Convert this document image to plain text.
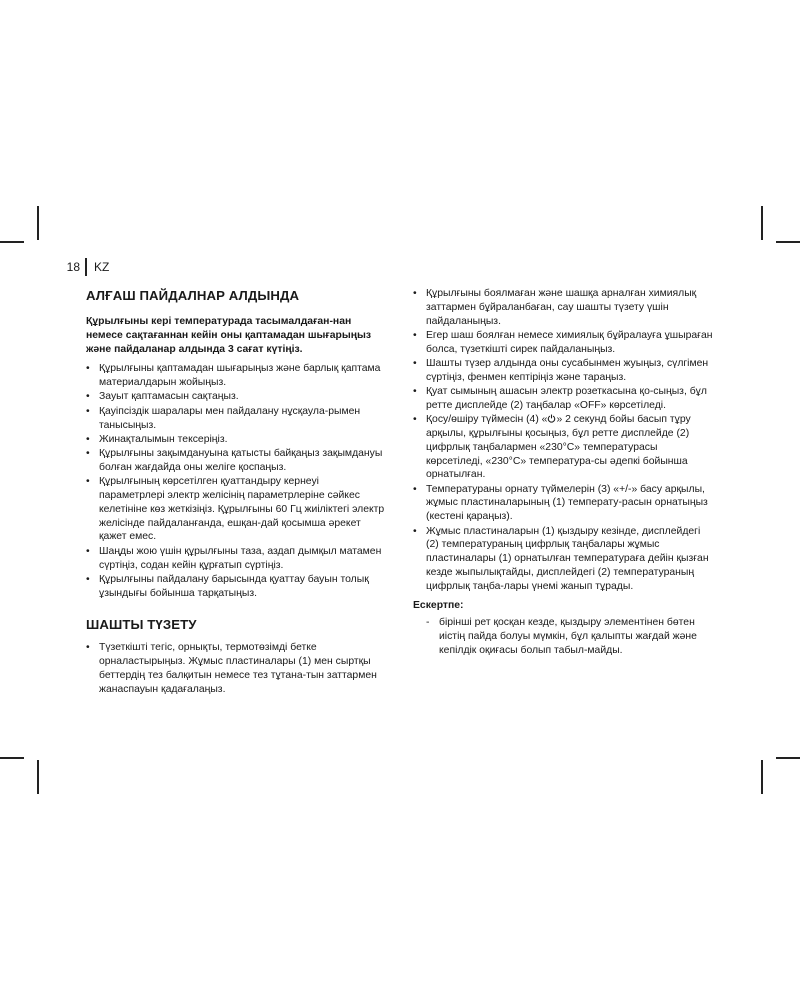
18 KZ
АЛҒАШ ПАЙДАЛНАР АЛДЫНДА

Құрылғыны кері температурада тасымалдаған-нан немесе сақтағаннан кейін оны қаптамадан шығарыңыз және пайдаланар алдында 3 сағат күтіңіз.

• Құрылғыны қаптамадан шығарыңыз және барлық қаптама материалдарын жойыңыз.
• Зауыт қаптамасын сақтаңыз.
• Қауіпсіздік шаралары мен пайдалану нұсқаула-рымен танысыңыз.
• Жинақталымын тексеріңіз.
• Құрылғыны зақымдануына қатысты байқаңыз зақымдануы болған жағдайда оны желіге қоспаңыз.
• Құрылғының көрсетілген қуаттандыру кернеуі параметрлері электр желісінің параметрлеріне сәйкес келетініне көз жеткізіңіз. Құрылғыны 60 Гц жиіліктегі электр желісінде пайдаланғанда, ешқан-дай қосымша әрекет қажет емес.
• Шаңды жою үшін құрылғыны таза, аздап дымқыл матамен сүртіңіз, содан кейін құрғатып сүртіңіз.
• Құрылғыны пайдалану барысында қуаттау бауын толық ұзындығы бойынша тарқатыңыз.
ШАШТЫ ТҮЗЕТУ
• Түзеткішті тегіс, орнықты, термотөзімді бетке орналастырыңыз. Жұмыс пластиналары (1) мен сыртқы беттердің тез балқитын немесе тез тұтана-тын заттармен жанаспауын қадағалаңыз.
• Құрылғыны боялмаған және шашқа арналған химиялық заттармен бұйраланбаған, сау шашты түзету үшін пайдаланыңыз.
• Егер шаш боялған немесе химиялық бұйралауға ұшыраған болса, түзеткішті сирек пайдаланыңыз.
• Шашты түзер алдында оны сусабынмен жуыңыз, сүлгімен сүртіңіз, фенмен кептіріңіз және тараңыз.
• Қуат сымының ашасын электр розеткасына қо-сыңыз, бұл ретте дисплейде (2) таңбалар «OFF» көрсетіледі.
• Қосу/өшіру түймесін (4) « » 2 секунд бойы басып тұру арқылы, құрылғыны қосыңыз, бұл ретте дисплейде (2) цифрлық таңбалармен «230°С» температурасы көрсетіледі, «230°С» температура-сы әдепкі бойынша орнатылған.
• Температураны орнату түймелерін (3) «+/-» басу арқылы, жұмыс пластиналарының (1) температу-расын орнатыңыз (кестені қараңыз).
• Жұмыс пластиналарын (1) қыздыру кезінде, дисплейдегі (2) температураның цифрлық таңбалары жұмыс пластиналары (1) орнатылған температураға дейін қызған кезде жыпылықтайды, дисплейдегі (2) температураның цифрлық таңба-лары үнемі жанып тұрады.

Ескертпе:

- бірінші рет қосқан кезде, қыздыру элементінен бөтен иістің пайда болуы мүмкін, бұл қалыпты жағдай және кепілдік оқиғасы болып табыл-майды.
